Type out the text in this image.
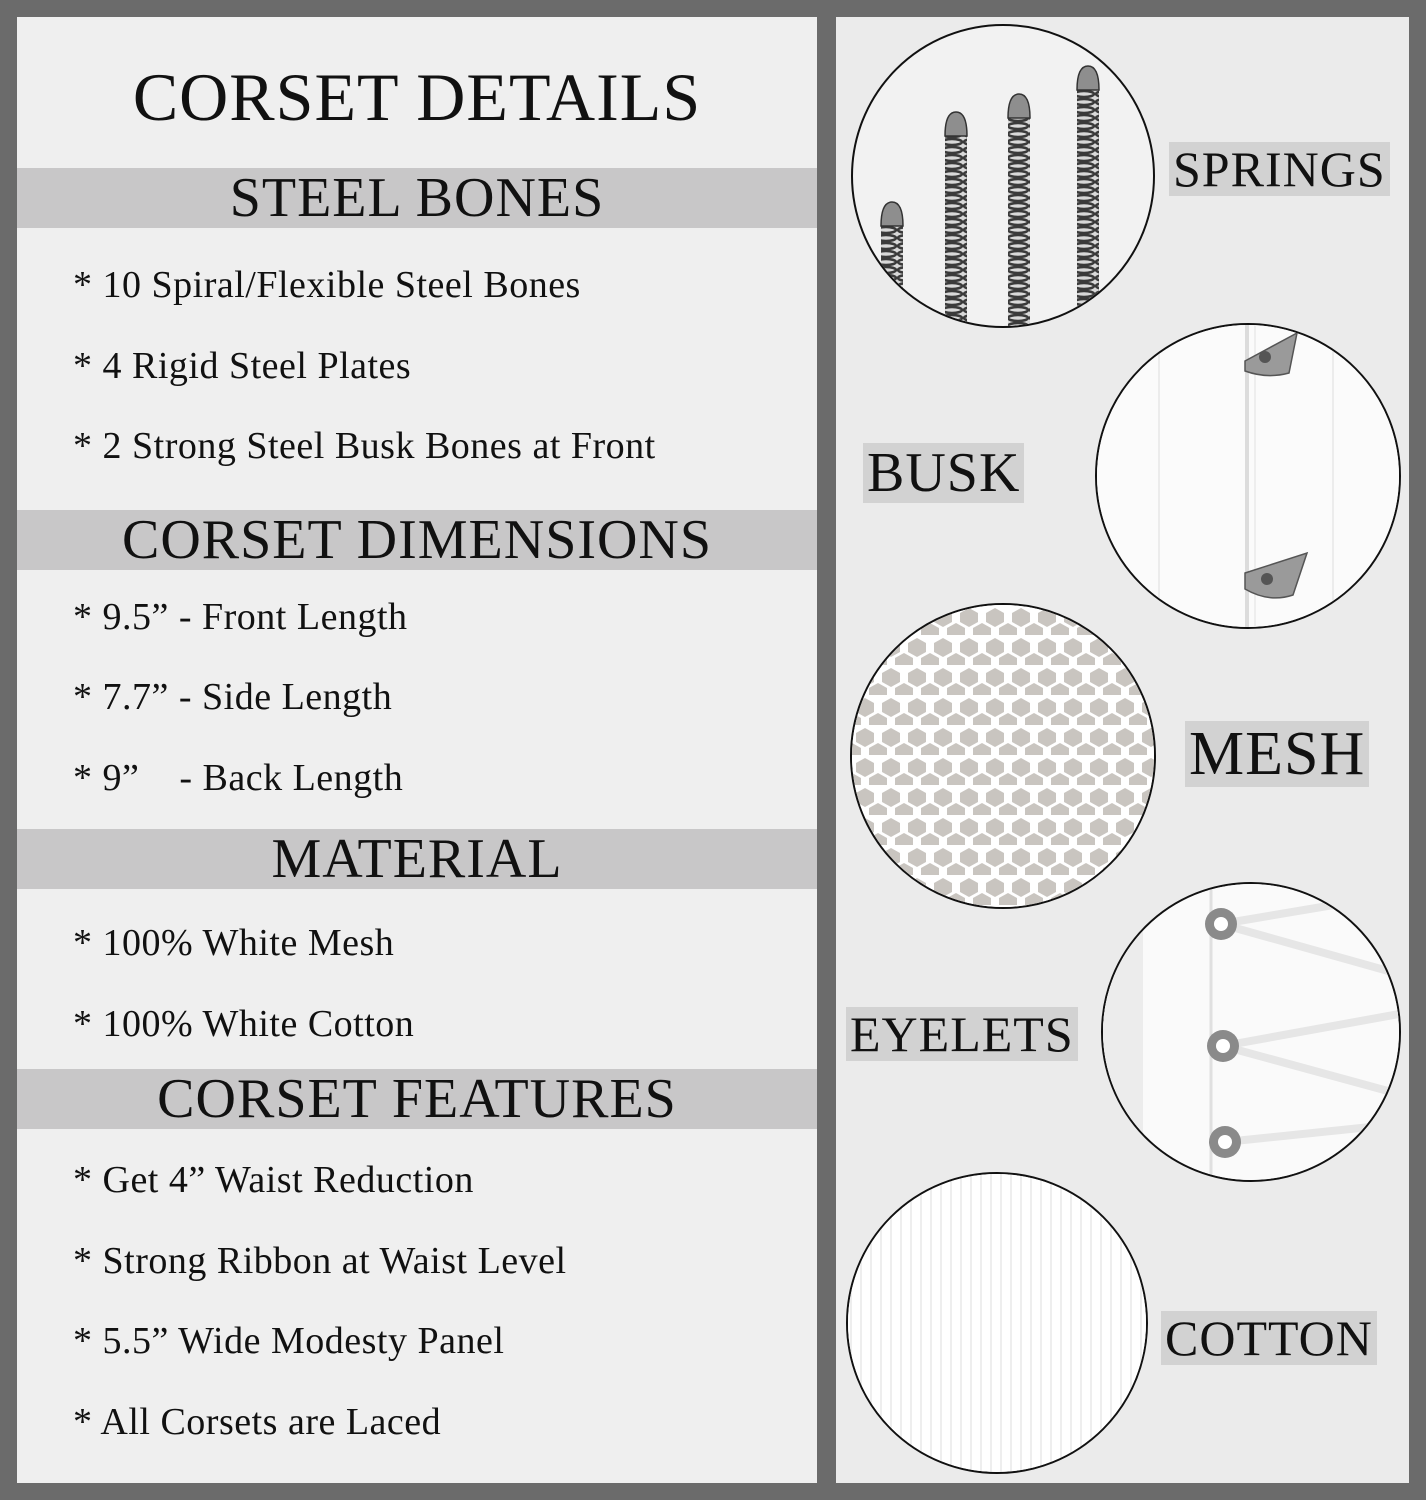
CORSET DETAILS
STEEL BONES
* 10 Spiral/Flexible Steel Bones
* 4 Rigid Steel Plates
* 2 Strong Steel Busk Bones at Front
CORSET DIMENSIONS
* 9.5” - Front Length
* 7.7” - Side Length
* 9”    - Back Length
MATERIAL
* 100% White Mesh
* 100% White Cotton
CORSET FEATURES
* Get 4” Waist Reduction
* Strong Ribbon at Waist Level
* 5.5” Wide Modesty Panel
* All Corsets are Laced
SPRINGS
BUSK
MESH
EYELETS
COTTON
